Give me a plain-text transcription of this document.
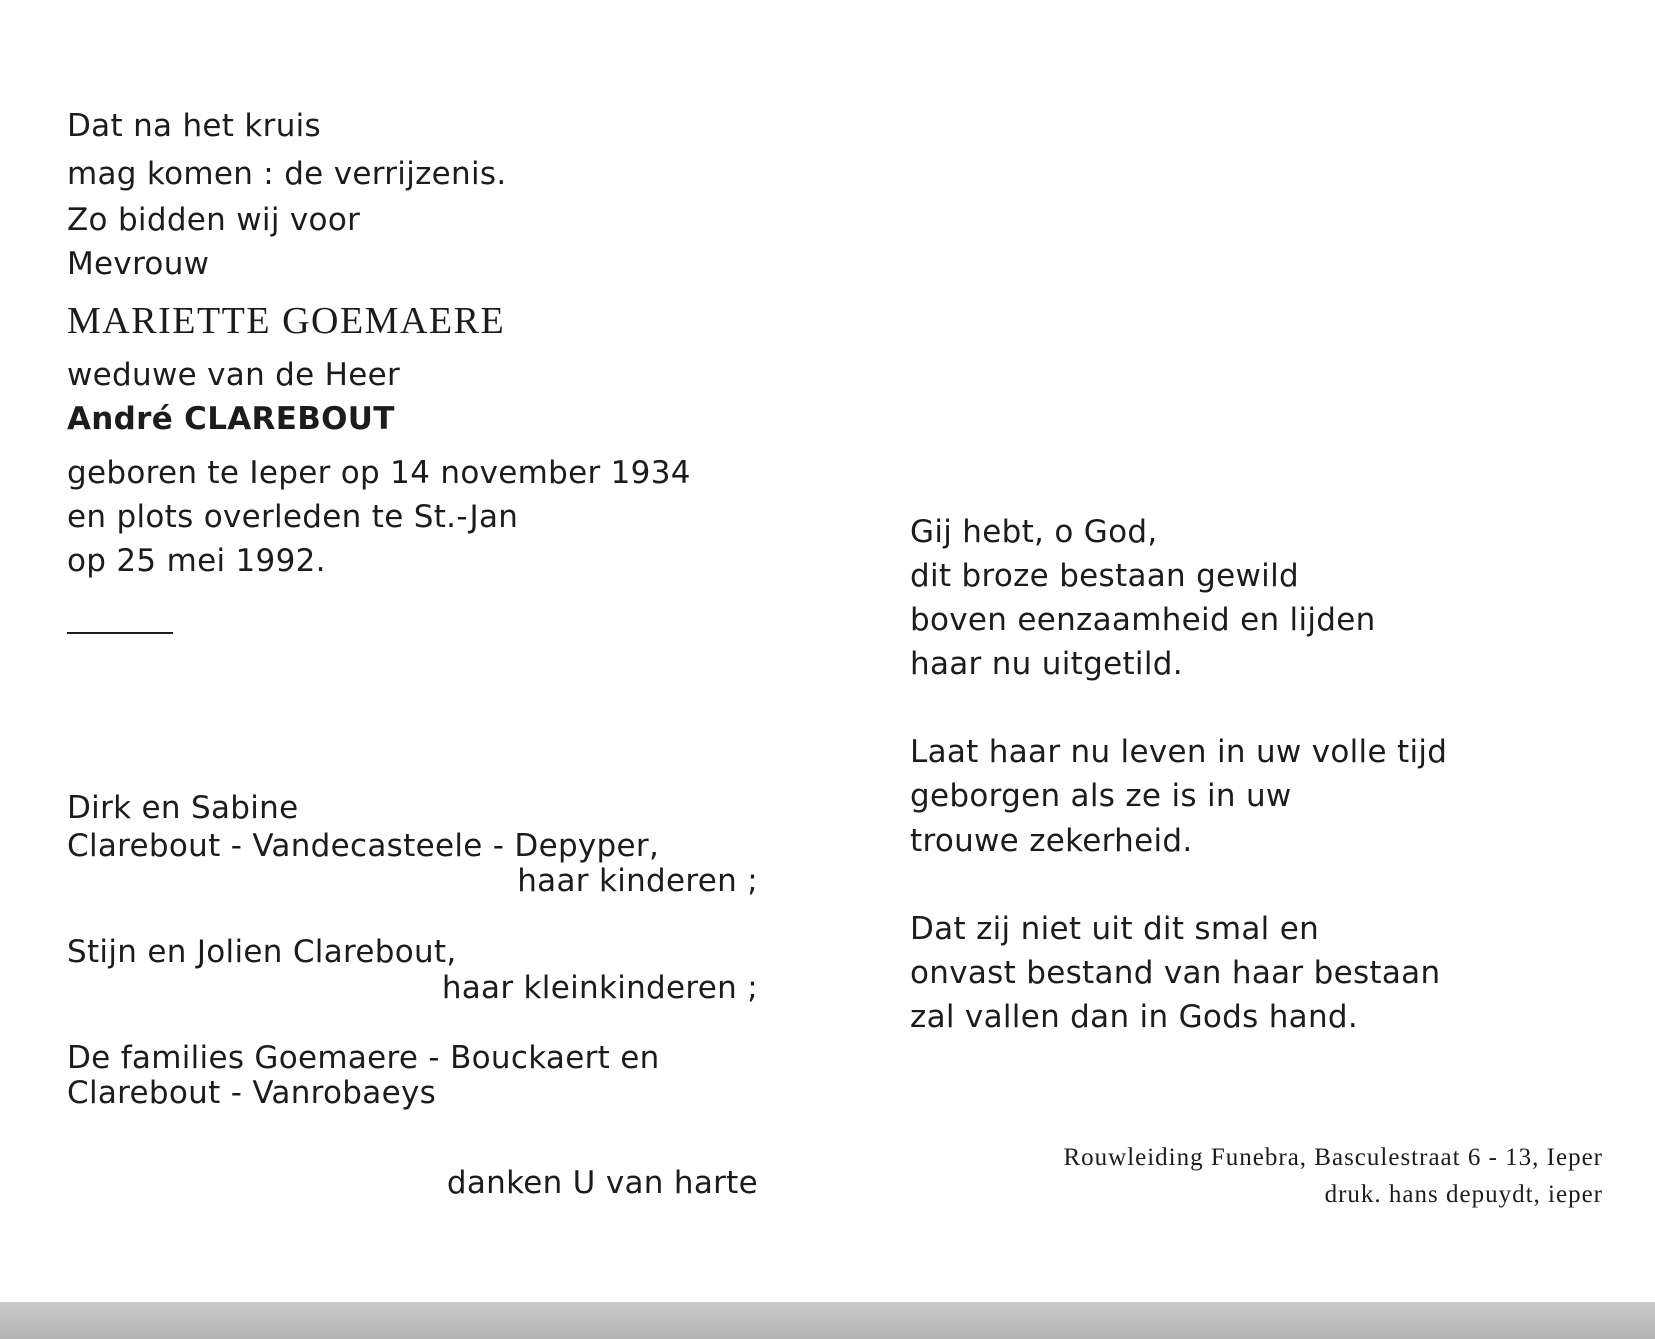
Dat na het kruis
mag komen : de verrijzenis.
Zo bidden wij voor
Mevrouw
MARIETTE GOEMAERE
weduwe van de Heer
André CLAREBOUT
geboren te Ieper op 14 november 1934
en plots overleden te St.-Jan
op 25 mei 1992.
Dirk en Sabine
Clarebout - Vandecasteele - Depyper,
haar kinderen ;
Stijn en Jolien Clarebout,
haar kleinkinderen ;
De families Goemaere - Bouckaert en
Clarebout - Vanrobaeys
danken U van harte
Gij hebt, o God,
dit broze bestaan gewild
boven eenzaamheid en lijden
haar nu uitgetild.
Laat haar nu leven in uw volle tijd
geborgen als ze is in uw
trouwe zekerheid.
Dat zij niet uit dit smal en
onvast bestand van haar bestaan
zal vallen dan in Gods hand.
Rouwleiding Funebra, Basculestraat 6 - 13, Ieper
druk. hans depuydt, ieper
